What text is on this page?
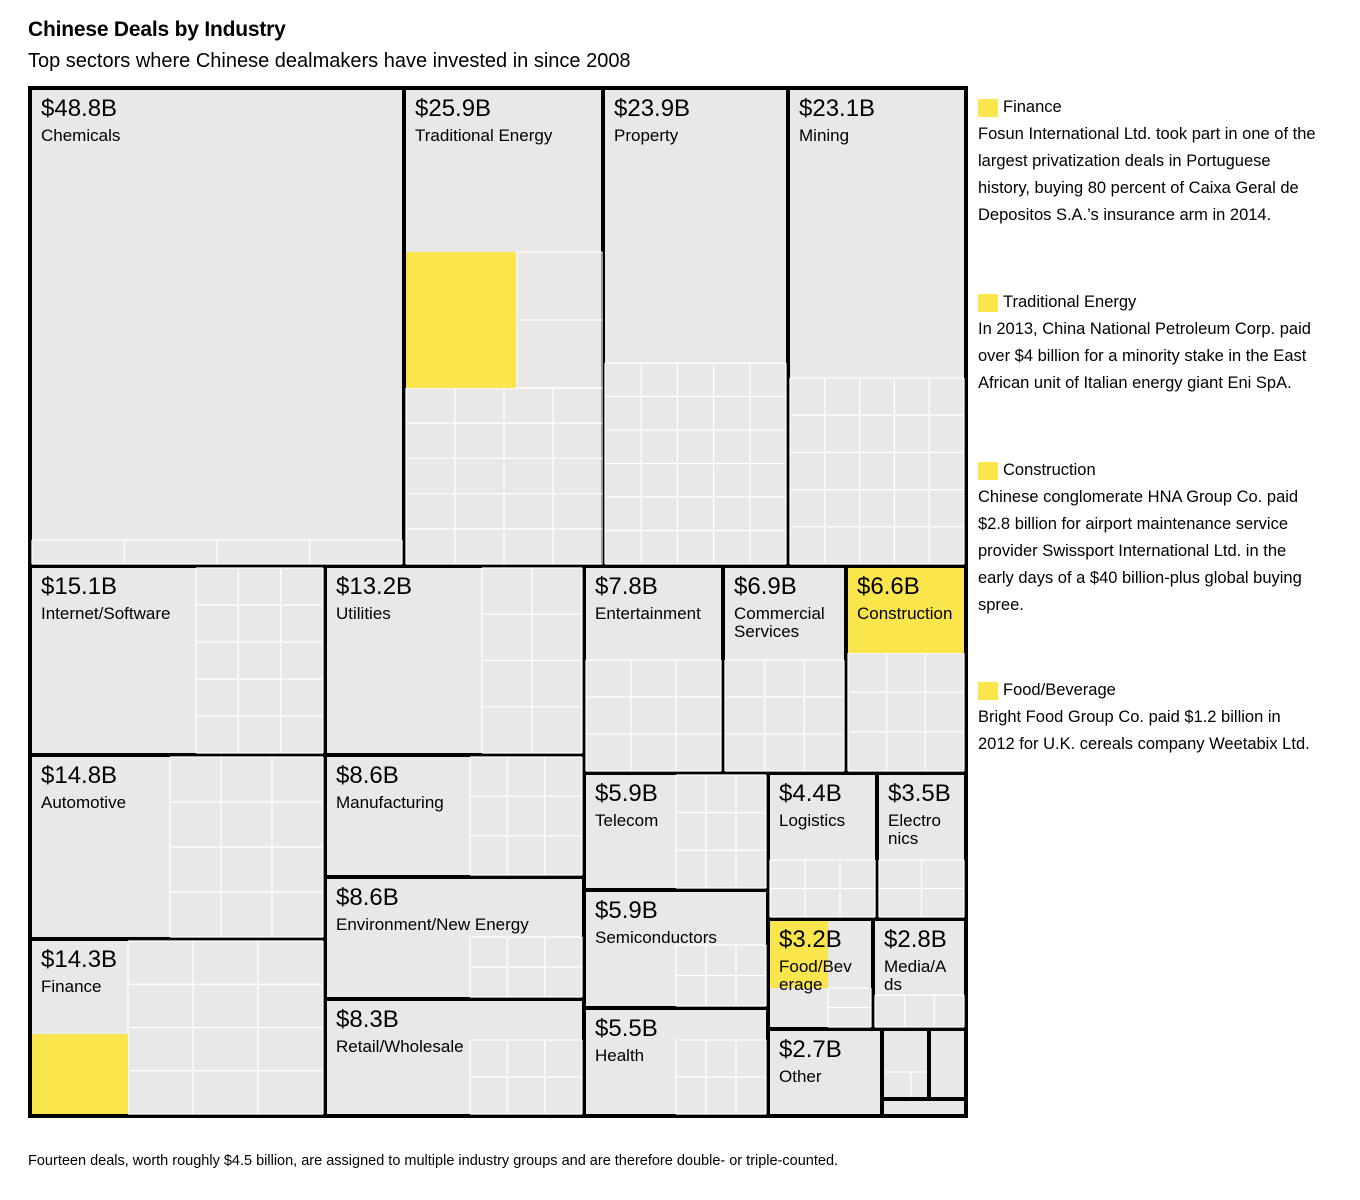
Chinese Deals by Industry
Top sectors where Chinese dealmakers have invested in since 2008
$48.8B
Chemicals
$25.9B
Traditional Energy
$23.9B
Property
$23.1B
Mining
$15.1B
Internet/Software
$13.2B
Utilities
$7.8B
Entertainment
$6.9B
Commercial
Services
$6.6B
Construction
$14.8B
Automotive
$8.6B
Manufacturing
$8.6B
Environment/New Energy
$14.3B
Finance
$8.3B
Retail/Wholesale
$5.9B
Telecom
$5.9B
Semiconductors
$5.5B
Health
$4.4B
Logistics
$3.5B
Electro
nics
$3.2B
Food/Bev
erage
$2.8B
Media/A
ds
$2.7B
Other
Finance
Fosun International Ltd. took part in one of the largest privatization deals in Portuguese history, buying 80 percent of Caixa Geral de Depositos S.A.’s insurance arm in 2014.
Traditional Energy
In 2013, China National Petroleum Corp. paid over $4 billion for a minority stake in the East African unit of Italian energy giant Eni SpA.
Construction
Chinese conglomerate HNA Group Co. paid $2.8 billion for airport maintenance service provider Swissport International Ltd. in the early days of a $40 billion-plus global buying spree.
Food/Beverage
Bright Food Group Co. paid $1.2 billion in 2012 for U.K. cereals company Weetabix Ltd.
Fourteen deals, worth roughly $4.5 billion, are assigned to multiple industry groups and are therefore double- or triple-counted.
